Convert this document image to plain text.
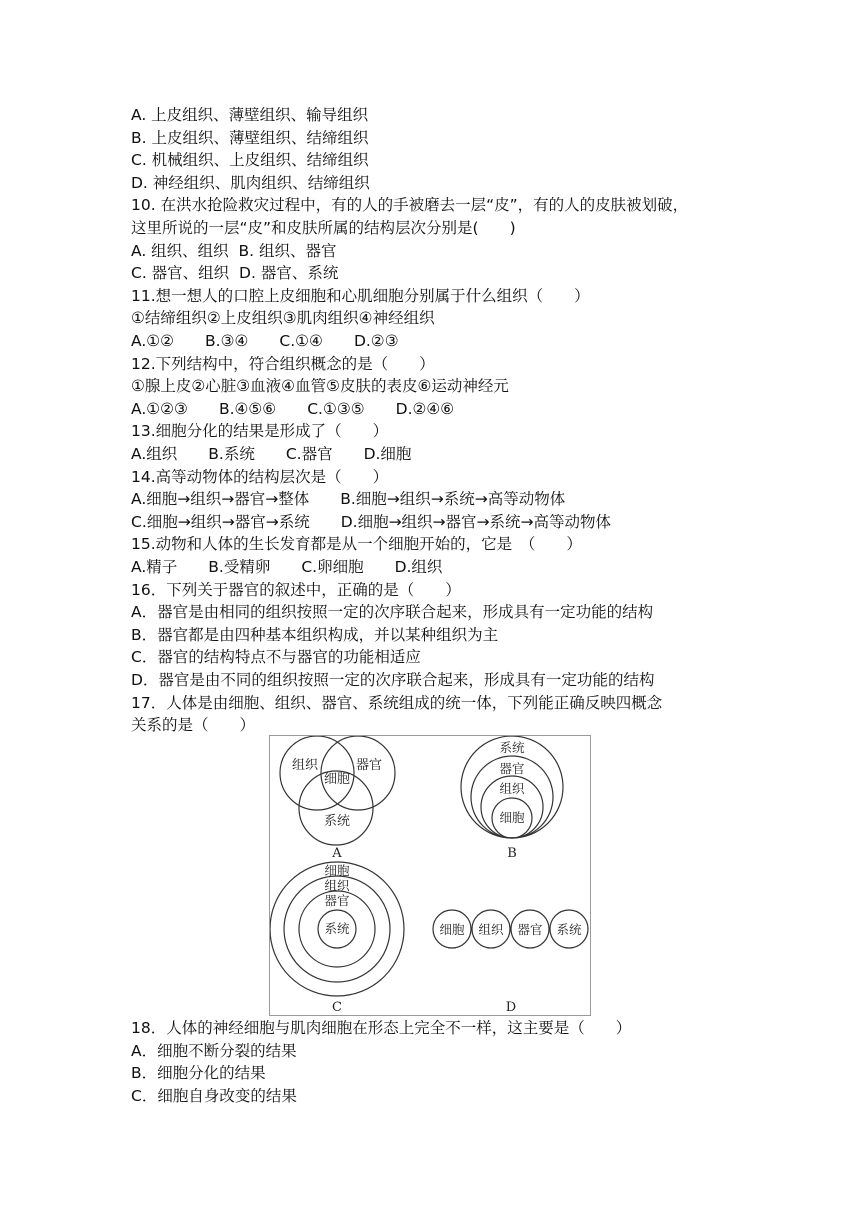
A. 上皮组织、薄壁组织、输导组织
B. 上皮组织、薄壁组织、结缔组织
C. 机械组织、上皮组织、结缔组织
D. 神经组织、肌肉组织、结缔组织
10. 在洪水抢险救灾过程中，有的人的手被磨去一层“皮”，有的人的皮肤被划破，
这里所说的一层“皮”和皮肤所属的结构层次分别是(　　)
A. 组织、组织  B. 组织、器官
C. 器官、组织  D. 器官、系统
11.想一想人的口腔上皮细胞和心肌细胞分别属于什么组织（　　）
①结缔组织②上皮组织③肌肉组织④神经组织
A.①②　　B.③④　　C.①④　　D.②③
12.下列结构中，符合组织概念的是（　　）
①腺上皮②心脏③血液④血管⑤皮肤的表皮⑥运动神经元
A.①②③　　B.④⑤⑥　　C.①③⑤　　D.②④⑥
13.细胞分化的结果是形成了（　　）
A.组织　　B.系统　　C.器官　　D.细胞
14.高等动物体的结构层次是（　　）
A.细胞→组织→器官→整体　　B.细胞→组织→系统→高等动物体
C.细胞→组织→器官→系统　　D.细胞→组织→器官→系统→高等动物体
15.动物和人体的生长发育都是从一个细胞开始的，它是　（　　）
A.精子　　B.受精卵　　C.卵细胞　　D.组织
16．下列关于器官的叙述中，正确的是（　　）
A．器官是由相同的组织按照一定的次序联合起来，形成具有一定功能的结构
B．器官都是由四种基本组织构成，并以某种组织为主
C．器官的结构特点不与器官的功能相适应
D．器官是由不同的组织按照一定的次序联合起来，形成具有一定功能的结构
17．人体是由细胞、组织、器官、系统组成的统一体，下列能正确反映四概念
关系的是（　　）
组织	器官
细胞
系统
A
系统
器官
组织
细胞
B
细胞
组织
器官
系统
C
细胞 组织 器官 系统
D
18．人体的神经细胞与肌肉细胞在形态上完全不一样，这主要是（　　）
A．细胞不断分裂的结果
B．细胞分化的结果
C．细胞自身改变的结果
